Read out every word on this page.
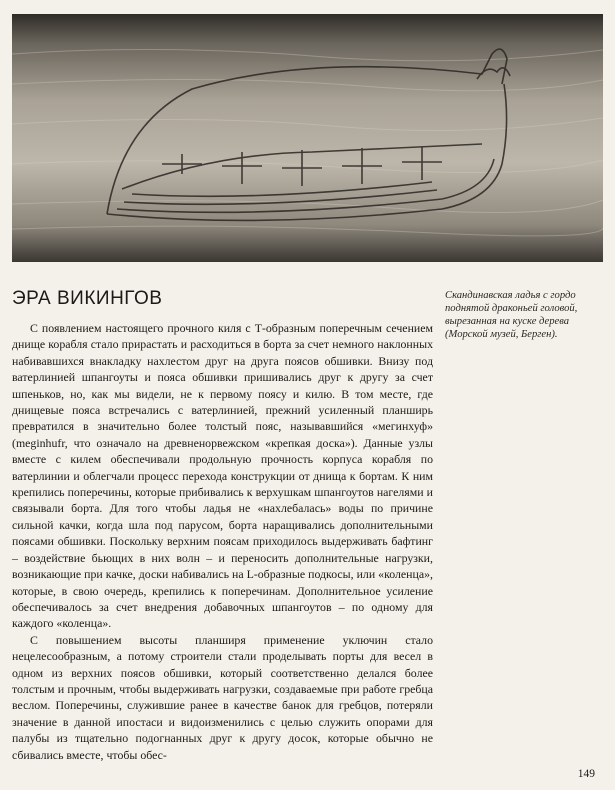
ЭРА ВИКИНГОВ	Скандинавская ладья с гордо поднятой драконьей головой, вырезанная на куске дерева (Морской музей, Берген).

С появлением настоящего прочного киля с Т-образным поперечным сечением днище корабля стало прирастать и расходиться в борта за счет немного наклонных набивавшихся внакладку нахлестом друг на друга поясов обшивки. Внизу под ватерлинией шпангоуты и пояса обшивки пришивались друг к другу за счет шпеньков, но, как мы видели, не к первому поясу и килю. В том месте, где днищевые пояса встречались с ватерлинией, прежний усиленный планширь превратился в значительно более толстый пояс, называвшийся «мегинхуф» (meginhufr, что означало на древненорвежском «крепкая доска»). Данные узлы вместе с килем обеспечивали продольную прочность корпуса корабля по ватерлинии и облегчали процесс перехода конструкции от днища к бортам. К ним крепились поперечины, которые прибивались к верхушкам шпангоутов нагелями и связывали борта. Для того чтобы ладья не «нахлебалась» воды по причине сильной качки, когда шла под парусом, борта наращивались дополнительными поясами обшивки. Поскольку верхним поясам приходилось выдерживать бафтинг – воздействие бьющих в них волн – и переносить дополнительные нагрузки, возникающие при качке, доски набивались на L-образные подкосы, или «коленца», которые, в свою очередь, крепились к поперечинам. Дополнительное усиление обеспечивалось за счет внедрения добавочных шпангоутов – по одному для каждого «коленца».

С повышением высоты планширя применение уключин стало нецелесообразным, а потому строители стали проделывать порты для весел в одном из верхних поясов обшивки, который соответственно делался более толстым и прочным, чтобы выдерживать нагрузки, создаваемые при работе гребца веслом. Поперечины, служившие ранее в качестве банок для гребцов, потеряли значение в данной ипостаси и видоизменились с целью служить опорами для палубы из тщательно подогнанных друг к другу досок, которые обычно не сбивались вместе, чтобы обес-

149
